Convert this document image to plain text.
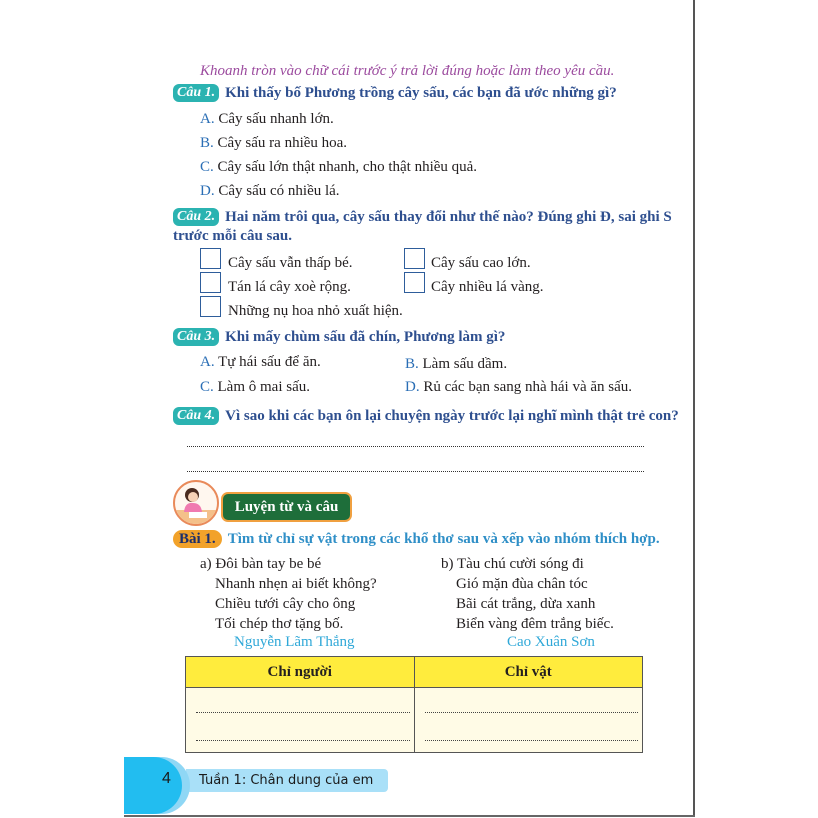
Khoanh tròn vào chữ cái trước ý trả lời đúng hoặc làm theo yêu cầu.
Câu 1. Khi thấy bố Phương trồng cây sấu, các bạn đã ước những gì?
A. Cây sấu nhanh lớn.
B. Cây sấu ra nhiều hoa.
C. Cây sấu lớn thật nhanh, cho thật nhiều quả.
D. Cây sấu có nhiều lá.
Câu 2. Hai năm trôi qua, cây sấu thay đổi như thế nào? Đúng ghi Đ, sai ghi S
trước mỗi câu sau.
Cây sấu vẫn thấp bé.	Cây sấu cao lớn.
Tán lá cây xoè rộng.	Cây nhiều lá vàng.
Những nụ hoa nhỏ xuất hiện.
Câu 3. Khi mấy chùm sấu đã chín, Phương làm gì?
A. Tự hái sấu để ăn.	B. Làm sấu dầm.
C. Làm ô mai sấu.	D. Rủ các bạn sang nhà hái và ăn sấu.
Câu 4. Vì sao khi các bạn ôn lại chuyện ngày trước lại nghĩ mình thật trẻ con?
Luyện từ và câu
Bài 1. Tìm từ chỉ sự vật trong các khổ thơ sau và xếp vào nhóm thích hợp.
a) Đôi bàn tay be bé
Nhanh nhẹn ai biết không?
Chiều tưới cây cho ông
Tối chép thơ tặng bố.
Nguyễn Lãm Thắng
b) Tàu chú cười sóng đi
Gió mặn đùa chân tóc
Bãi cát trắng, dừa xanh
Biển vàng đêm trắng biếc.
Cao Xuân Sơn
Chỉ người	Chỉ vật

Tuần 1: Chân dung của em
4
